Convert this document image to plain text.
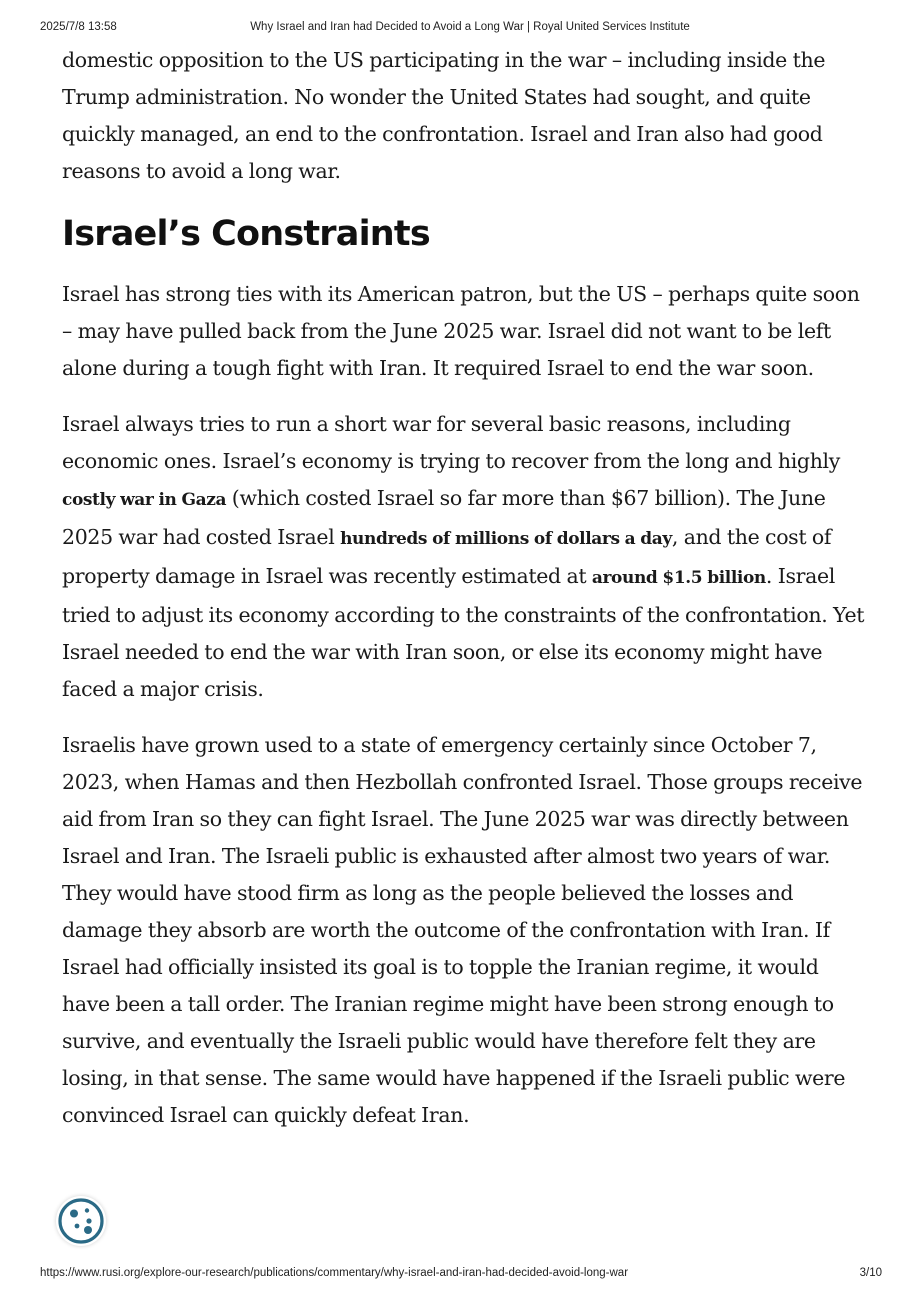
2025/7/8 13:58	Why Israel and Iran had Decided to Avoid a Long War | Royal United Services Institute

domestic opposition to the US participating in the war – including inside the Trump administration. No wonder the United States had sought, and quite quickly managed, an end to the confrontation. Israel and Iran also had good reasons to avoid a long war.

Israel’s Constraints

Israel has strong ties with its American patron, but the US – perhaps quite soon – may have pulled back from the June 2025 war. Israel did not want to be left alone during a tough fight with Iran. It required Israel to end the war soon.

Israel always tries to run a short war for several basic reasons, including economic ones. Israel’s economy is trying to recover from the long and highly costly war in Gaza (which costed Israel so far more than $67 billion). The June 2025 war had costed Israel hundreds of millions of dollars a day, and the cost of property damage in Israel was recently estimated at around $1.5 billion. Israel tried to adjust its economy according to the constraints of the confrontation. Yet Israel needed to end the war with Iran soon, or else its economy might have faced a major crisis.

Israelis have grown used to a state of emergency certainly since October 7, 2023, when Hamas and then Hezbollah confronted Israel. Those groups receive aid from Iran so they can fight Israel. The June 2025 war was directly between Israel and Iran. The Israeli public is exhausted after almost two years of war. They would have stood firm as long as the people believed the losses and damage they absorb are worth the outcome of the confrontation with Iran. If Israel had officially insisted its goal is to topple the Iranian regime, it would have been a tall order. The Iranian regime might have been strong enough to survive, and eventually the Israeli public would have therefore felt they are losing, in that sense. The same would have happened if the Israeli public were convinced Israel can quickly defeat Iran.

https://www.rusi.org/explore-our-research/publications/commentary/why-israel-and-iran-had-decided-avoid-long-war	3/10
